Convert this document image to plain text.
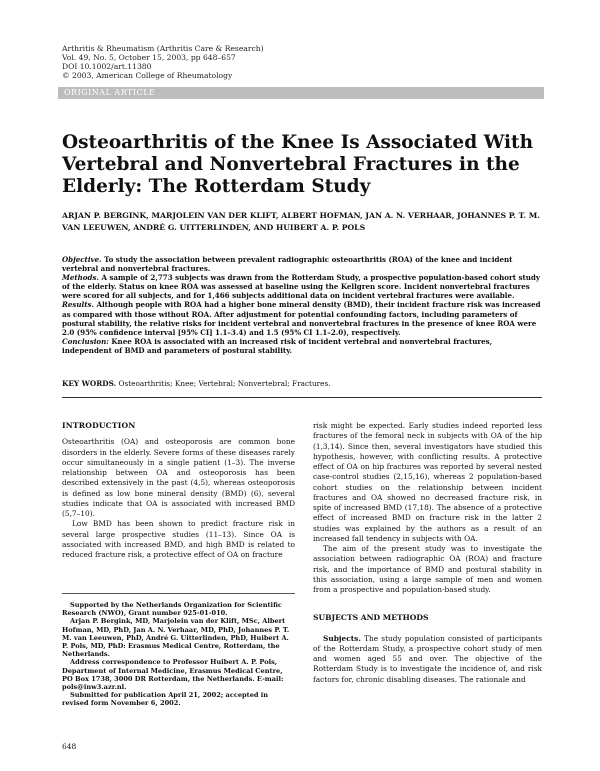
Arthritis & Rheumatism (Arthritis Care & Research)
Vol. 49, No. 5, October 15, 2003, pp 648–657
DOI 10.1002/art.11380
© 2003, American College of Rheumatology
ORIGINAL ARTICLE
Osteoarthritis of the Knee Is Associated With Vertebral and Nonvertebral Fractures in the Elderly: The Rotterdam Study
ARJAN P. BERGINK, MARJOLEIN VAN DER KLIFT, ALBERT HOFMAN, JAN A. N. VERHAAR, JOHANNES P. T. M. VAN LEEUWEN, ANDRÉ G. UITTERLINDEN, AND HUIBERT A. P. POLS

Objective. To study the association between prevalent radiographic osteoarthritis (ROA) of the knee and incident vertebral and nonvertebral fractures.

Methods. A sample of 2,773 subjects was drawn from the Rotterdam Study, a prospective population-based cohort study of the elderly. Status on knee ROA was assessed at baseline using the Kellgren score. Incident nonvertebral fractures were scored for all subjects, and for 1,466 subjects additional data on incident vertebral fractures were available.

Results. Although people with ROA had a higher bone mineral density (BMD), their incident fracture risk was increased as compared with those without ROA. After adjustment for potential confounding factors, including parameters of postural stability, the relative risks for incident vertebral and nonvertebral fractures in the presence of knee ROA were 2.0 (95% confidence interval [95% CI] 1.1–3.4) and 1.5 (95% CI 1.1–2.0), respectively.

Conclusion: Knee ROA is associated with an increased risk of incident vertebral and nonvertebral fractures, independent of BMD and parameters of postural stability.

KEY WORDS. Osteoarthritis; Knee; Vertebral; Nonvertebral; Fractures.

INTRODUCTION

Osteoarthritis (OA) and osteoporosis are common bone disorders in the elderly. Severe forms of these diseases rarely occur simultaneously in a single patient (1–3). The inverse relationship between OA and osteoporosis has been described extensively in the past (4,5), whereas osteoporosis is defined as low bone mineral density (BMD) (6), several studies indicate that OA is associated with increased BMD (5,7–10).

Low BMD has been shown to predict fracture risk in several large prospective studies (11–13). Since OA is associated with increased BMD, and high BMD is related to reduced fracture risk, a protective effect of OA on fracture

Supported by the Netherlands Organization for Scientific Research (NWO), Grant number 925-01-010.

Arjan P. Bergink, MD, Marjolein van der Klift, MSc, Albert Hofman, MD, PhD, Jan A. N. Verhaar, MD, PhD, Johannes P. T. M. van Leeuwen, PhD, André G. Uitterlinden, PhD, Huibert A. P. Pols, MD, PhD: Erasmus Medical Centre, Rotterdam, the Netherlands.

Address correspondence to Professor Huibert A. P. Pols, Department of Internal Medicine, Erasmus Medical Centre, PO Box 1738, 3000 DR Rotterdam, the Netherlands. E-mail: pols@inw3.azr.nl.

Submitted for publication April 21, 2002; accepted in revised form November 6, 2002.

risk might be expected. Early studies indeed reported less fractures of the femoral neck in subjects with OA of the hip (1,3,14). Since then, several investigators have studied this hypothesis, however, with conflicting results. A protective effect of OA on hip fractures was reported by several nested case-control studies (2,15,16), whereas 2 population-based cohort studies on the relationship between incident fractures and OA showed no decreased fracture risk, in spite of increased BMD (17,18). The absence of a protective effect of increased BMD on fracture risk in the latter 2 studies was explained by the authors as a result of an increased fall tendency in subjects with OA.

The aim of the present study was to investigate the association between radiographic OA (ROA) and fracture risk, and the importance of BMD and postural stability in this association, using a large sample of men and women from a prospective and population-based study.

SUBJECTS AND METHODS

Subjects. The study population consisted of participants of the Rotterdam Study, a prospective cohort study of men and women aged 55 and over. The objective of the Rotterdam Study is to investigate the incidence of, and risk factors for, chronic disabling diseases. The rationale and

648
